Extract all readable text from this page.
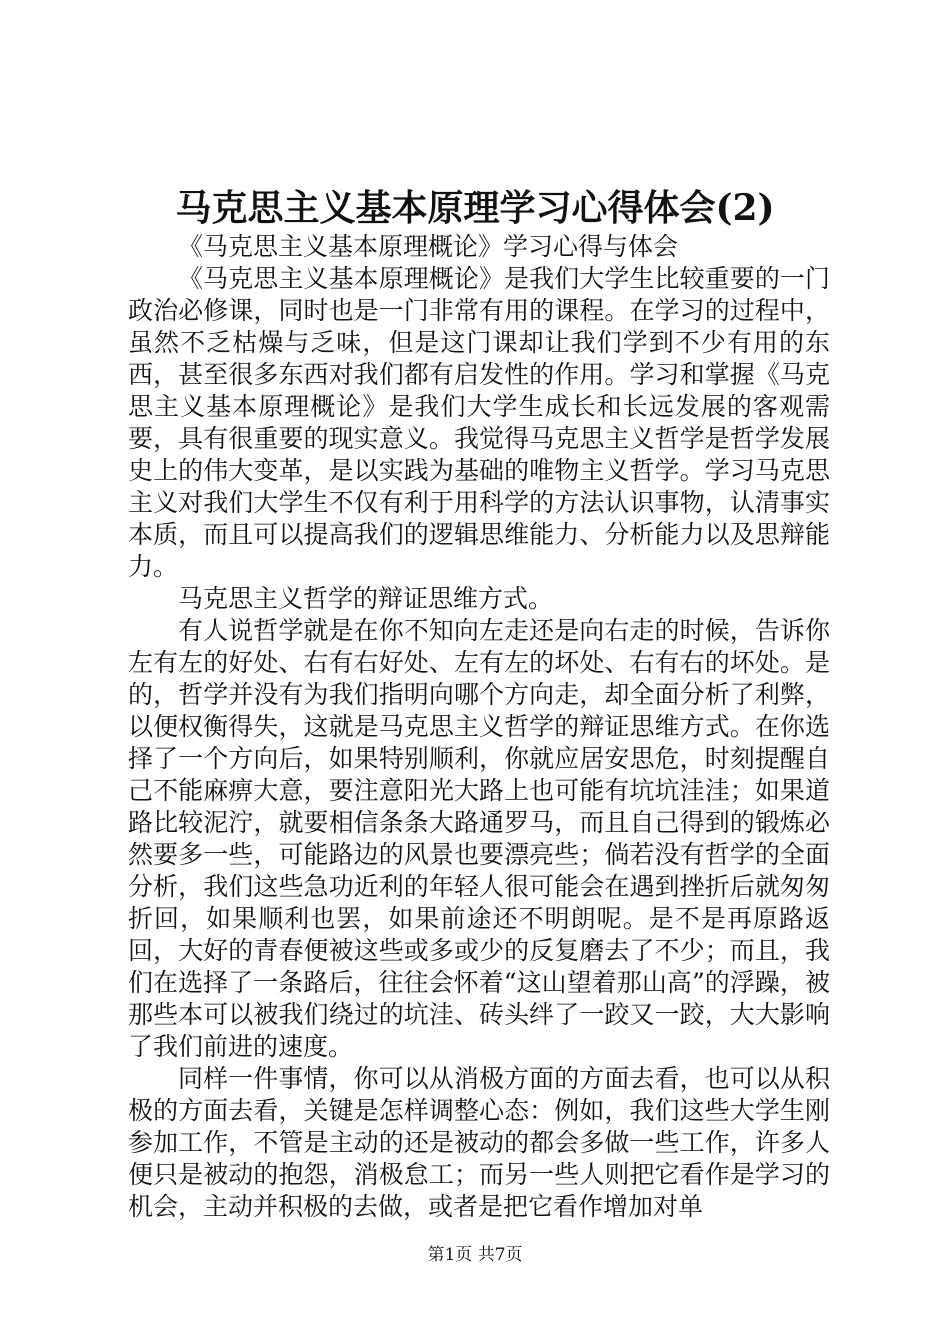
马克思主义基本原理学习心得体会(2)

《马克思主义基本原理概论》学习心得与体会

《马克思主义基本原理概论》是我们大学生比较重要的一门政治必修课，同时也是一门非常有用的课程。在学习的过程中，虽然不乏枯燥与乏味，但是这门课却让我们学到不少有用的东西，甚至很多东西对我们都有启发性的作用。学习和掌握《马克思主义基本原理概论》是我们大学生成长和长远发展的客观需要，具有很重要的现实意义。我觉得马克思主义哲学是哲学发展史上的伟大变革，是以实践为基础的唯物主义哲学。学习马克思主义对我们大学生不仅有利于用科学的方法认识事物，认清事实本质，而且可以提高我们的逻辑思维能力、分析能力以及思辩能力。

马克思主义哲学的辩证思维方式。

有人说哲学就是在你不知向左走还是向右走的时候，告诉你左有左的好处、右有右好处、左有左的坏处、右有右的坏处。是的，哲学并没有为我们指明向哪个方向走，却全面分析了利弊，以便权衡得失，这就是马克思主义哲学的辩证思维方式。在你选择了一个方向后，如果特别顺利，你就应居安思危，时刻提醒自己不能麻痹大意，要注意阳光大路上也可能有坑坑洼洼；如果道路比较泥泞，就要相信条条大路通罗马，而且自己得到的锻炼必然要多一些，可能路边的风景也要漂亮些；倘若没有哲学的全面分析，我们这些急功近利的年轻人很可能会在遇到挫折后就匆匆折回，如果顺利也罢，如果前途还不明朗呢。是不是再原路返回，大好的青春便被这些或多或少的反复磨去了不少；而且，我们在选择了一条路后，往往会怀着“这山望着那山高”的浮躁，被那些本可以被我们绕过的坑洼、砖头绊了一跤又一跤，大大影响了我们前进的速度。

同样一件事情，你可以从消极方面的方面去看，也可以从积极的方面去看，关键是怎样调整心态：例如，我们这些大学生刚参加工作，不管是主动的还是被动的都会多做一些工作，许多人便只是被动的抱怨，消极怠工；而另一些人则把它看作是学习的机会，主动并积极的去做，或者是把它看作增加对单

第1页 共7页
